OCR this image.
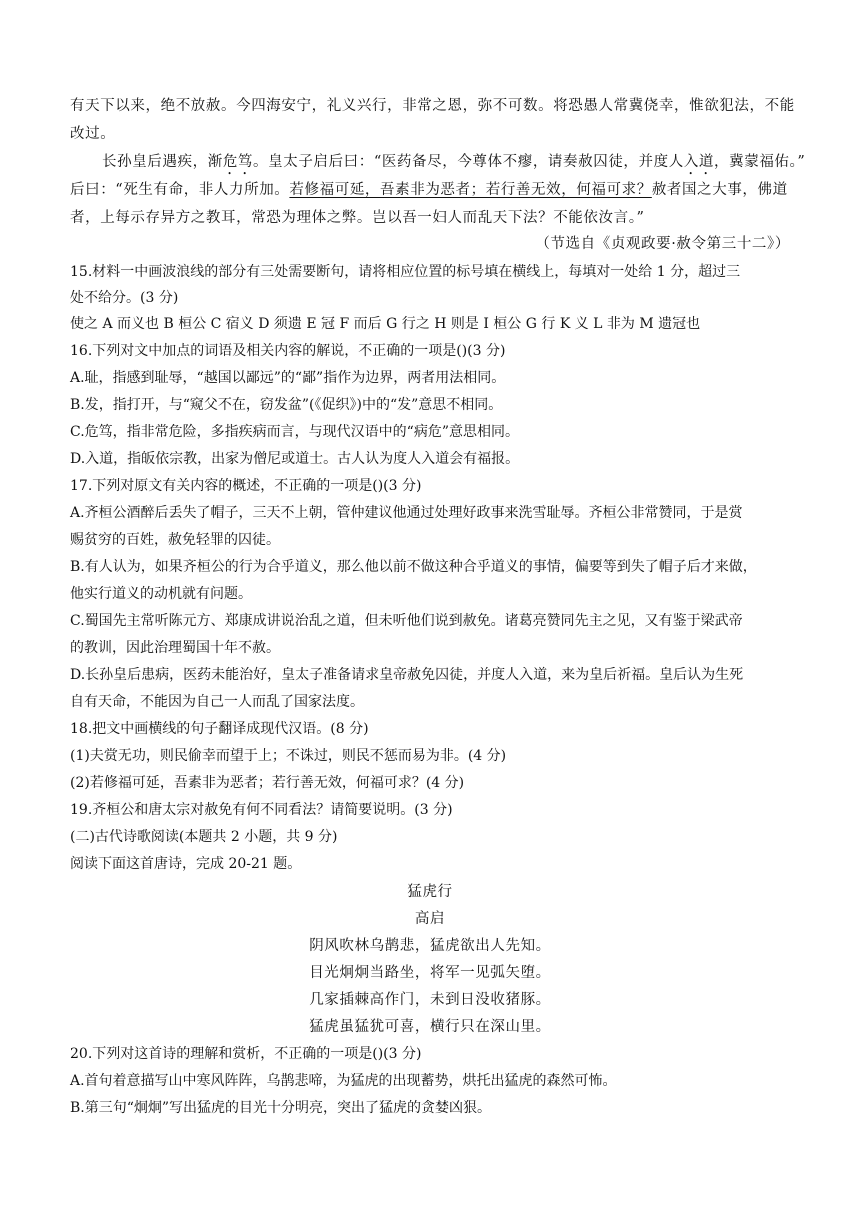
有天下以来，绝不放赦。今四海安宁，礼义兴行，非常之恩，弥不可数。将恐愚人常冀侥幸，惟欲犯法，不能
改过。
长孙皇后遇疾，渐危笃。皇太子启后曰：“医药备尽，今尊体不瘳，请奏赦囚徒，并度人入道，冀蒙福佑。”
后曰：“死生有命，非人力所加。若修福可延，吾素非为恶者；若行善无效，何福可求？赦者国之大事，佛道
者，上每示存异方之教耳，常恐为理体之弊。岂以吾一妇人而乱天下法？不能依汝言。”
（节选自《贞观政要·赦令第三十二》）
15.材料一中画波浪线的部分有三处需要断句，请将相应位置的标号填在横线上，每填对一处给 1 分，超过三
处不给分。(3 分)
使之 A 而义也 B 桓公 C 宿义 D 须遗 E 冠 F 而后 G 行之 H 则是 I 桓公 G 行 K 义 L 非为 M 遗冠也
16.下列对文中加点的词语及相关内容的解说，不正确的一项是()(3 分)
A.耻，指感到耻辱，“越国以鄙远”的“鄙”指作为边界，两者用法相同。
B.发，指打开，与“窥父不在，窃发盆”(《促织》)中的“发”意思不相同。
C.危笃，指非常危险，多指疾病而言，与现代汉语中的“病危”意思相同。
D.入道，指皈依宗教，出家为僧尼或道士。古人认为度人入道会有福报。
17.下列对原文有关内容的概述，不正确的一项是()(3 分)
A.齐桓公酒醉后丢失了帽子，三天不上朝，管仲建议他通过处理好政事来洗雪耻辱。齐桓公非常赞同，于是赏
赐贫穷的百姓，赦免轻罪的囚徒。
B.有人认为，如果齐桓公的行为合乎道义，那么他以前不做这种合乎道义的事情，偏要等到失了帽子后才来做，
他实行道义的动机就有问题。
C.蜀国先主常听陈元方、郑康成讲说治乱之道，但未听他们说到赦免。诸葛亮赞同先主之见，又有鉴于梁武帝
的教训，因此治理蜀国十年不赦。
D.长孙皇后患病，医药未能治好，皇太子准备请求皇帝赦免囚徒，并度人入道，来为皇后祈福。皇后认为生死
自有天命，不能因为自己一人而乱了国家法度。
18.把文中画横线的句子翻译成现代汉语。(8 分)
(1)夫赏无功，则民偷幸而望于上；不诛过，则民不惩而易为非。(4 分)
(2)若修福可延，吾素非为恶者；若行善无效，何福可求？(4 分)
19.齐桓公和唐太宗对赦免有何不同看法？请简要说明。(3 分)
(二)古代诗歌阅读(本题共 2 小题，共 9 分)
阅读下面这首唐诗，完成 20-21 题。
猛虎行
高启
阴风吹林乌鹊悲，猛虎欲出人先知。
目光炯炯当路坐，将军一见弧矢堕。
几家插棘高作门，未到日没收猪豚。
猛虎虽猛犹可喜，横行只在深山里。
20.下列对这首诗的理解和赏析，不正确的一项是()(3 分)
A.首句着意描写山中寒风阵阵，乌鹊悲啼，为猛虎的出现蓄势，烘托出猛虎的森然可怖。
B.第三句“炯炯”写出猛虎的目光十分明亮，突出了猛虎的贪婪凶狠。
